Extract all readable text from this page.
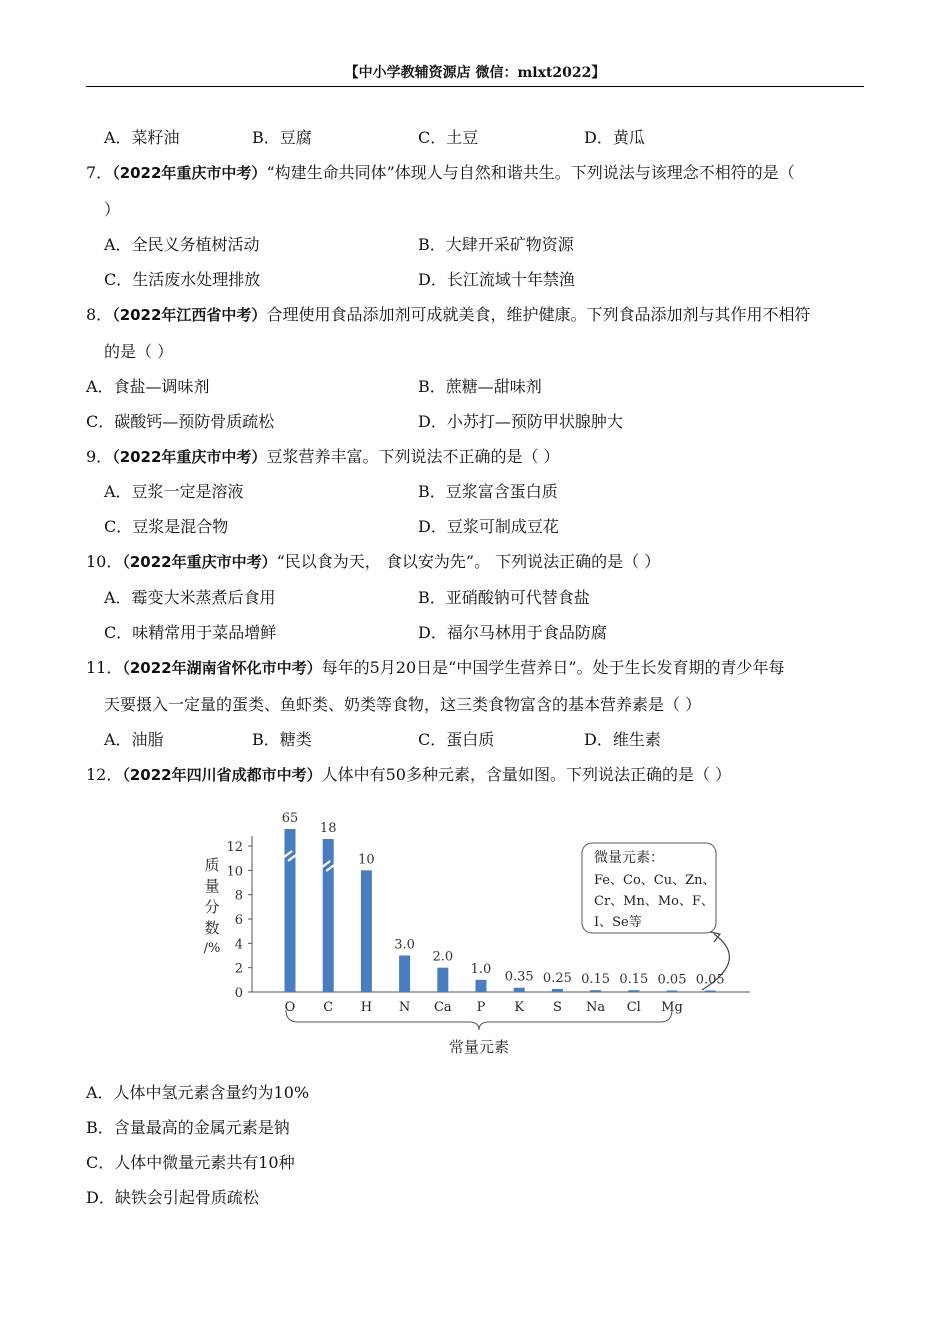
【中小学教辅资源店 微信：mlxt2022】
A．菜籽油	B．豆腐	C．土豆	D．黄瓜
7．（2022年重庆市中考）“构建生命共同体”体现人与自然和谐共生。下列说法与该理念不相符的是（
）
A．全民义务植树活动	B．大肆开采矿物资源
C．生活废水处理排放	D．长江流域十年禁渔
8．（2022年江西省中考）合理使用食品添加剂可成就美食，维护健康。下列食品添加剂与其作用不相符
的是（ ）
A．食盐—调味剂	B．蔗糖—甜味剂
C．碳酸钙—预防骨质疏松	D．小苏打—预防甲状腺肿大
9．（2022年重庆市中考）豆浆营养丰富。下列说法不正确的是（ ）
A．豆浆一定是溶液	B．豆浆富含蛋白质
C．豆浆是混合物	D．豆浆可制成豆花
10．（2022年重庆市中考）“民以食为天， 食以安为先”。 下列说法正确的是（ ）
A．霉变大米蒸煮后食用	B．亚硝酸钠可代替食盐
C．味精常用于菜品增鲜	D．福尔马林用于食品防腐
11．（2022年湖南省怀化市中考）每年的5月20日是“中国学生营养日”。处于生长发育期的青少年每
天要摄入一定量的蛋类、鱼虾类、奶类等食物，这三类食物富含的基本营养素是（ ）
A．油脂	B．糖类	C．蛋白质	D．维生素
12．（2022年四川省成都市中考）人体中有50多种元素，含量如图。下列说法正确的是（ ）
质
量
分
数
/%
0
2
4
6
8
10
12
65
O
18
C
10
H
3.0
N
2.0
Ca
1.0
P
0.35
K
0.25
S
0.15
Na
0.15
Cl
0.05
Mg
0.05
常量元素
微量元素：
Fe、Co、Cu、Zn、
Cr、Mn、Mo、F、
I、Se等
A．人体中氢元素含量约为10%
B．含量最高的金属元素是钠
C．人体中微量元素共有10种
D．缺铁会引起骨质疏松
